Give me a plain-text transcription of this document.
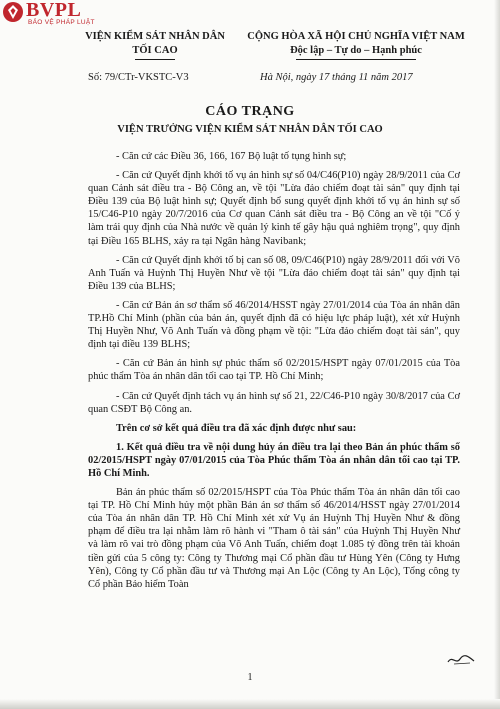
BVPL
BẢO VỆ PHÁP LUẬT
VIỆN KIỂM SÁT NHÂN DÂN
TỐI CAO
CỘNG HÒA XÃ HỘI CHỦ NGHĨA VIỆT NAM
Độc lập – Tự do – Hạnh phúc
Số: 79/CTr-VKSTC-V3	Hà Nội, ngày 17 tháng 11 năm 2017
CÁO TRẠNG
VIỆN TRƯỞNG VIỆN KIỂM SÁT NHÂN DÂN TỐI CAO

- Căn cứ các Điều 36, 166, 167 Bộ luật tố tụng hình sự;

- Căn cứ Quyết định khởi tố vụ án hình sự số 04/C46(P10) ngày 28/9/2011 của Cơ quan Cảnh sát điều tra - Bộ Công an, về tội "Lừa đảo chiếm đoạt tài sản" quy định tại Điều 139 của Bộ luật hình sự; Quyết định bổ sung quyết định khởi tố vụ án hình sự số 15/C46-P10 ngày 20/7/2016 của Cơ quan Cảnh sát điều tra - Bộ Công an về tội "Cố ý làm trái quy định của Nhà nước về quản lý kinh tế gây hậu quả nghiêm trọng", quy định tại Điều 165 BLHS, xảy ra tại Ngân hàng Navibank;

- Căn cứ Quyết định khởi tố bị can số 08, 09/C46(P10) ngày 28/9/2011 đối với Võ Anh Tuấn và Huỳnh Thị Huyền Như về tội "Lừa đảo chiếm đoạt tài sản" quy định tại Điều 139 của BLHS;

- Căn cứ Bản án sơ thẩm số 46/2014/HSST ngày 27/01/2014 của Tòa án nhân dân TP.Hồ Chí Minh (phần của bản án, quyết định đã có hiệu lực pháp luật), xét xử Huỳnh Thị Huyền Như, Võ Anh Tuấn và đồng phạm về tội: "Lừa đảo chiếm đoạt tài sản", quy định tại điều 139 BLHS;

- Căn cứ Bản án hình sự phúc thẩm số 02/2015/HSPT ngày 07/01/2015 của Tòa phúc thẩm Tòa án nhân dân tối cao tại TP. Hồ Chí Minh;

- Căn cứ Quyết định tách vụ án hình sự số 21, 22/C46-P10 ngày 30/8/2017 của Cơ quan CSĐT Bộ Công an.

Trên cơ sở kết quả điều tra đã xác định được như sau:

1. Kết quả điều tra về nội dung hủy án điều tra lại theo Bản án phúc thẩm số 02/2015/HSPT ngày 07/01/2015 của Tòa Phúc thẩm Tòa án nhân dân tối cao tại TP. Hồ Chí Minh.

Bản án phúc thẩm số 02/2015/HSPT của Tòa Phúc thẩm Tòa án nhân dân tối cao tại TP. Hồ Chí Minh hủy một phần Bản án sơ thẩm số 46/2014/HSST ngày 27/01/2014 của Tòa án nhân dân TP. Hồ Chí Minh xét xử Vụ án Huỳnh Thị Huyền Như & đồng phạm để điều tra lại nhằm làm rõ hành vi "Tham ô tài sản" của Huỳnh Thị Huyền Như và làm rõ vai trò đồng phạm của Võ Anh Tuấn, chiếm đoạt 1.085 tỷ đồng trên tài khoản tiền gửi của 5 công ty: Công ty Thương mại Cổ phần đầu tư Hùng Yên (Công ty Hưng Yên), Công ty Cổ phần đầu tư và Thương mại An Lộc (Công ty An Lộc), Tổng công ty Cổ phần Bảo hiểm Toàn

1
